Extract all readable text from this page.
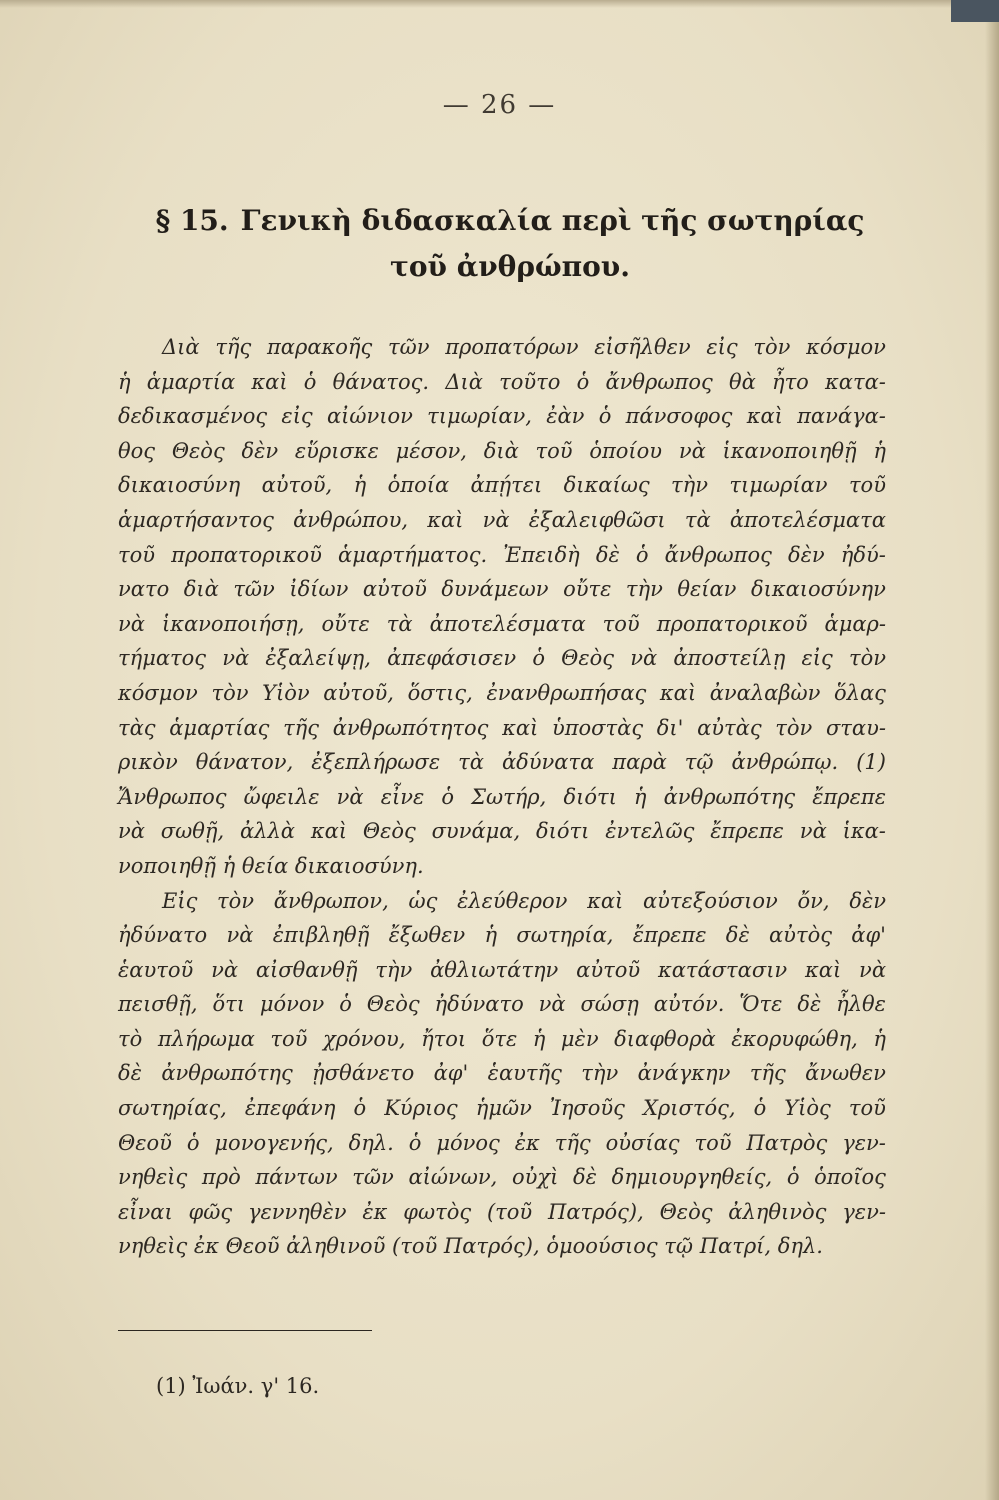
— 26 —
§ 15. Γενικὴ διδασκαλία περὶ τῆς σωτηρίας
τοῦ ἀνθρώπου.
Διὰ τῆς παρακοῆς τῶν προπατόρων εἰσῆλθεν εἰς τὸν κόσμον
ἡ ἁμαρτία καὶ ὁ θάνατος. Διὰ τοῦτο ὁ ἄνθρωπος θὰ ἦτο κατα-
δεδικασμένος εἰς αἰώνιον τιμωρίαν, ἐὰν ὁ πάνσοφος καὶ πανάγα-
θος Θεὸς δὲν εὕρισκε μέσον, διὰ τοῦ ὁποίου νὰ ἱκανοποιηθῇ ἡ
δικαιοσύνη αὐτοῦ, ἡ ὁποία ἀπῄτει δικαίως τὴν τιμωρίαν τοῦ
ἁμαρτήσαντος ἀνθρώπου, καὶ νὰ ἐξαλειφθῶσι τὰ ἀποτελέσματα
τοῦ προπατορικοῦ ἁμαρτήματος. Ἐπειδὴ δὲ ὁ ἄνθρωπος δὲν ἠδύ-
νατο διὰ τῶν ἰδίων αὐτοῦ δυνάμεων οὔτε τὴν θείαν δικαιοσύνην
νὰ ἱκανοποιήσῃ, οὔτε τὰ ἀποτελέσματα τοῦ προπατορικοῦ ἁμαρ-
τήματος νὰ ἐξαλείψῃ, ἀπεφάσισεν ὁ Θεὸς νὰ ἀποστείλῃ εἰς τὸν
κόσμον τὸν Υἱὸν αὐτοῦ, ὅστις, ἐνανθρωπήσας καὶ ἀναλαβὼν ὅλας
τὰς ἁμαρτίας τῆς ἀνθρωπότητος καὶ ὑποστὰς δι' αὐτὰς τὸν σταυ-
ρικὸν θάνατον, ἐξεπλήρωσε τὰ ἀδύνατα παρὰ τῷ ἀνθρώπῳ. (1)
Ἄνθρωπος ὤφειλε νὰ εἶνε ὁ Σωτήρ, διότι ἡ ἀνθρωπότης ἔπρεπε
νὰ σωθῇ, ἀλλὰ καὶ Θεὸς συνάμα, διότι ἐντελῶς ἔπρεπε νὰ ἱκα-
νοποιηθῇ ἡ θεία δικαιοσύνη.
Εἰς τὸν ἄνθρωπον, ὡς ἐλεύθερον καὶ αὐτεξούσιον ὄν, δὲν
ἠδύνατο νὰ ἐπιβληθῇ ἔξωθεν ἡ σωτηρία, ἔπρεπε δὲ αὐτὸς ἀφ'
ἑαυτοῦ νὰ αἰσθανθῇ τὴν ἀθλιωτάτην αὐτοῦ κατάστασιν καὶ νὰ
πεισθῇ, ὅτι μόνον ὁ Θεὸς ἠδύνατο νὰ σώσῃ αὐτόν. Ὅτε δὲ ἦλθε
τὸ πλήρωμα τοῦ χρόνου, ἤτοι ὅτε ἡ μὲν διαφθορὰ ἐκορυφώθη, ἡ
δὲ ἀνθρωπότης ᾐσθάνετο ἀφ' ἑαυτῆς τὴν ἀνάγκην τῆς ἄνωθεν
σωτηρίας, ἐπεφάνη ὁ Κύριος ἡμῶν Ἰησοῦς Χριστός, ὁ Υἱὸς τοῦ
Θεοῦ ὁ μονογενής, δηλ. ὁ μόνος ἐκ τῆς οὐσίας τοῦ Πατρὸς γεν-
νηθεὶς πρὸ πάντων τῶν αἰώνων, οὐχὶ δὲ δημιουργηθείς, ὁ ὁποῖος
εἶναι φῶς γεννηθὲν ἐκ φωτὸς (τοῦ Πατρός), Θεὸς ἀληθινὸς γεν-
νηθεὶς ἐκ Θεοῦ ἀληθινοῦ (τοῦ Πατρός), ὁμοούσιος τῷ Πατρί, δηλ.
(1) Ἰωάν. γ' 16.
